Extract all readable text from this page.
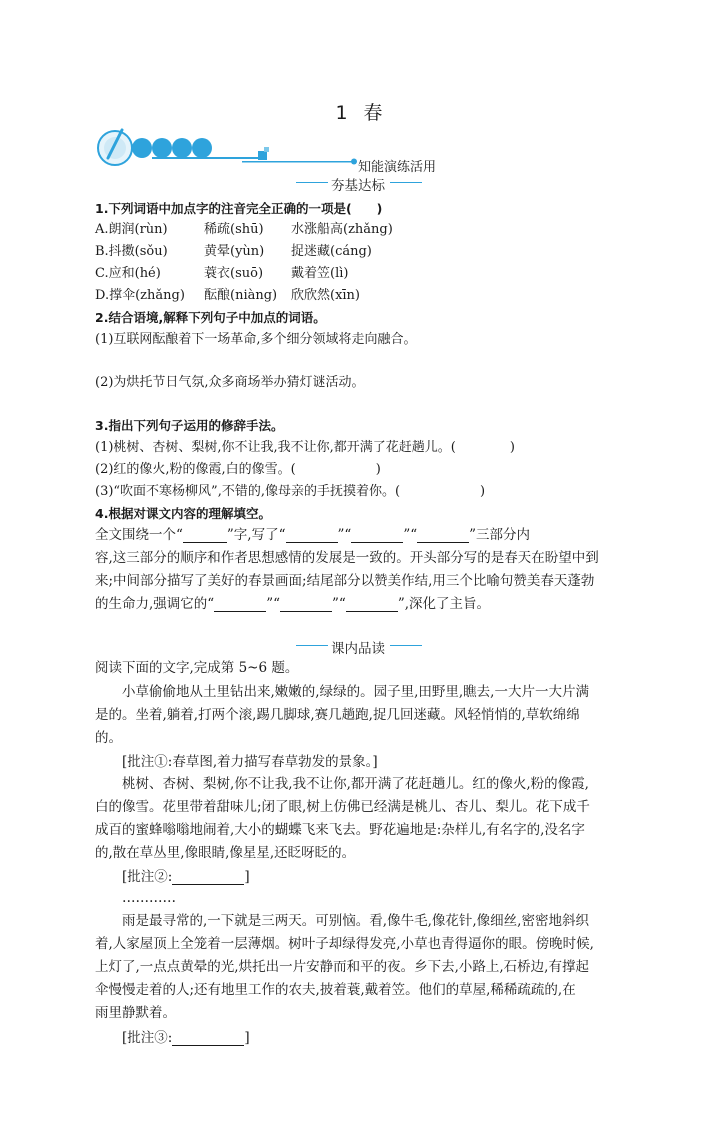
1 春
知能演练活用
夯基达标
1.下列词语中加点字的注音完全正确的一项是(　　)
A.朗润(rùn)	稀疏(shū) 水涨船高(zhǎng)
B.抖擞(sǒu)	黄晕(yùn) 捉迷藏(cáng)
C.应和(hé)	蓑衣(suō) 戴着笠(lì)
D.撑伞(zhǎng) 酝酿(niàng) 欣欣然(xīn)
2.结合语境,解释下列句子中加点的词语。
(1)互联网酝酿着下一场革命,多个细分领域将走向融合。
(2)为烘托节日气氛,众多商场举办猜灯谜活动。
3.指出下列句子运用的修辞手法。
(1)桃树、杏树、梨树,你不让我,我不让你,都开满了花赶趟儿。(	)
(2)红的像火,粉的像霞,白的像雪。(	)
(3)“吹面不寒杨柳风”,不错的,像母亲的手抚摸着你。(	)
4.根据对课文内容的理解填空。
全文围绕一个“	”字,写了“	”“	”“	”三部分内
容,这三部分的顺序和作者思想感情的发展是一致的。开头部分写的是春天在盼望中到
来;中间部分描写了美好的春景画面;结尾部分以赞美作结,用三个比喻句赞美春天蓬勃
的生命力,强调它的“	”“	”“	”,深化了主旨。
课内品读
阅读下面的文字,完成第 5~6 题。
小草偷偷地从土里钻出来,嫩嫩的,绿绿的。园子里,田野里,瞧去,一大片一大片满
是的。坐着,躺着,打两个滚,踢几脚球,赛几趟跑,捉几回迷藏。风轻悄悄的,草软绵绵
的。
[批注①:春草图,着力描写春草勃发的景象。]
桃树、杏树、梨树,你不让我,我不让你,都开满了花赶趟儿。红的像火,粉的像霞,
白的像雪。花里带着甜味儿;闭了眼,树上仿佛已经满是桃儿、杏儿、梨儿。花下成千
成百的蜜蜂嗡嗡地闹着,大小的蝴蝶飞来飞去。野花遍地是:杂样儿,有名字的,没名字
的,散在草丛里,像眼睛,像星星,还眨呀眨的。
[批注②:	]
…………
雨是最寻常的,一下就是三两天。可别恼。看,像牛毛,像花针,像细丝,密密地斜织
着,人家屋顶上全笼着一层薄烟。树叶子却绿得发亮,小草也青得逼你的眼。傍晚时候,
上灯了,一点点黄晕的光,烘托出一片安静而和平的夜。乡下去,小路上,石桥边,有撑起
伞慢慢走着的人;还有地里工作的农夫,披着蓑,戴着笠。他们的草屋,稀稀疏疏的,在
雨里静默着。
[批注③:	]
